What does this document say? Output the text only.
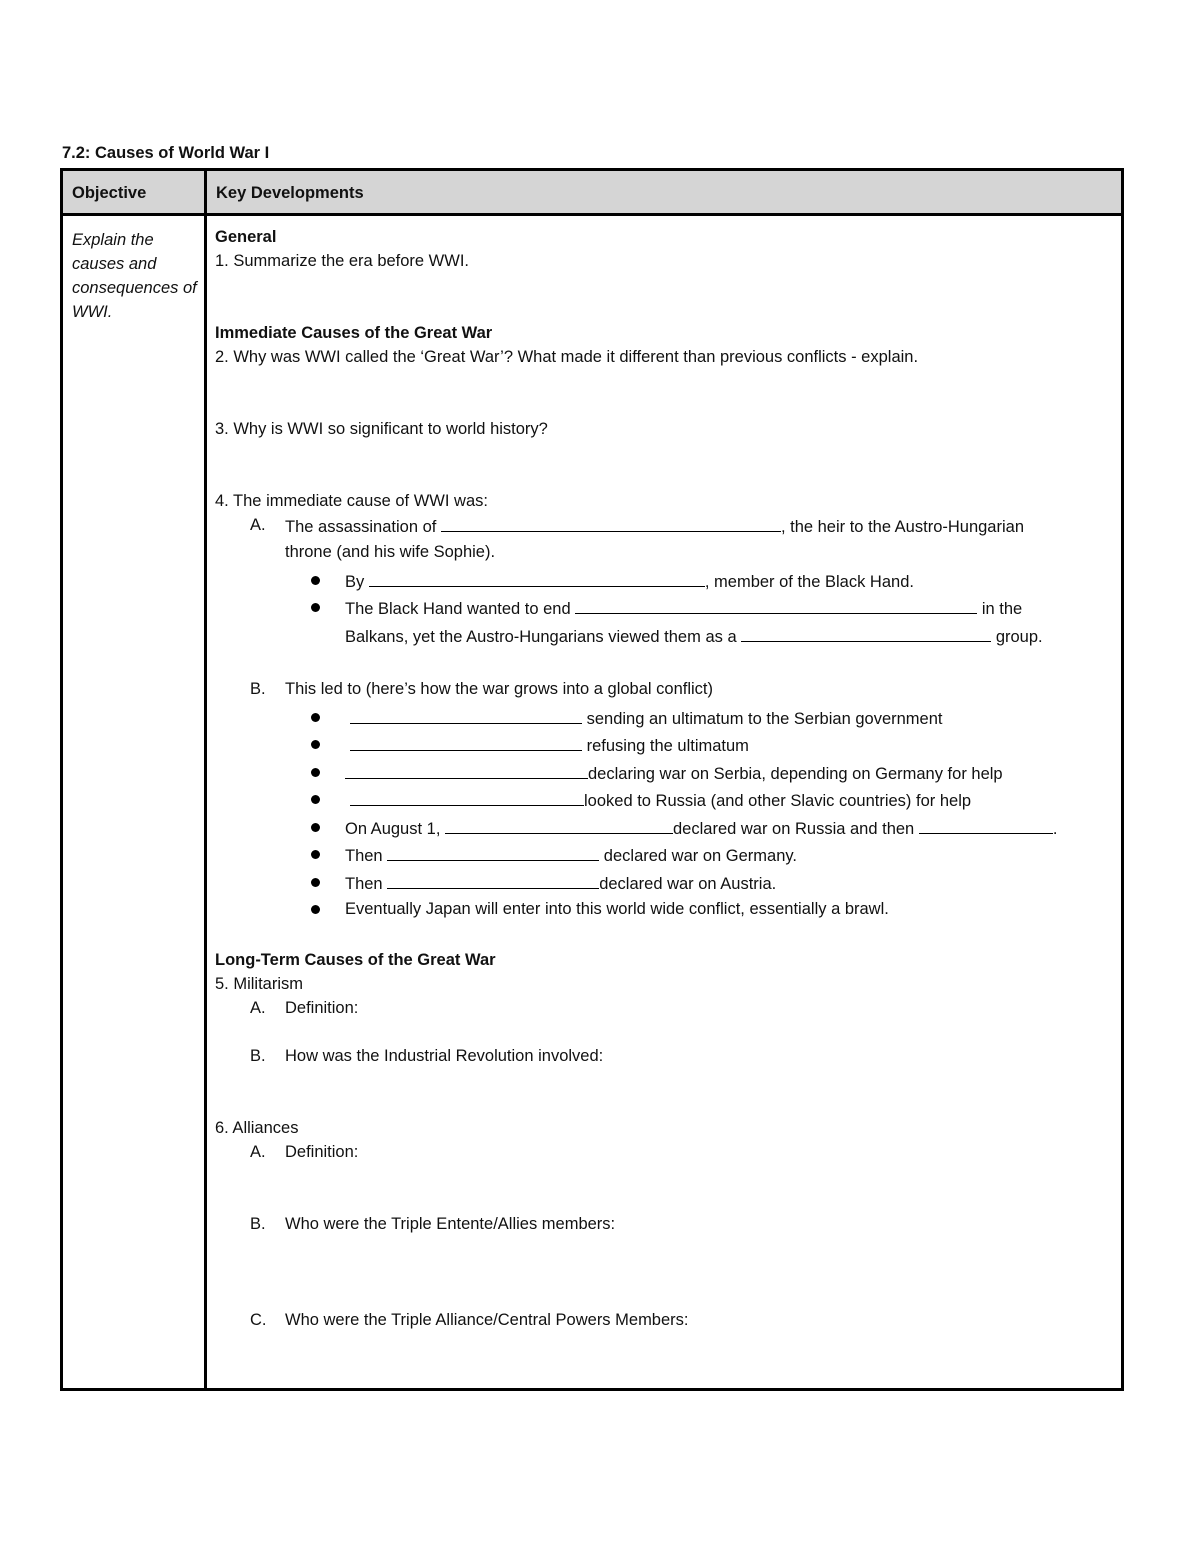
7.2: Causes of World War I
Objective	Key Developments
Explain the causes and consequences of WWI.
General
1. Summarize the era before WWI.
Immediate Causes of the Great War
2. Why was WWI called the ‘Great War’? What made it different than previous conflicts - explain.
3. Why is WWI so significant to world history?
4. The immediate cause of WWI was:
A. The assassination of	, the heir to the Austro-Hungarian
throne (and his wife Sophie).
By	, member of the Black Hand.
The Black Hand wanted to end	in the
Balkans, yet the Austro-Hungarians viewed them as a	group.
B. This led to (here’s how the war grows into a global conflict)
sending an ultimatum to the Serbian government
refusing the ultimatum
declaring war on Serbia, depending on Germany for help
looked to Russia (and other Slavic countries) for help
On August 1,	declared war on Russia and then	.
Then	declared war on Germany.
Then	declared war on Austria.
Eventually Japan will enter into this world wide conflict, essentially a brawl.
Long-Term Causes of the Great War
5. Militarism
A. Definition:
B. How was the Industrial Revolution involved:
6. Alliances
A. Definition:
B. Who were the Triple Entente/Allies members:
C. Who were the Triple Alliance/Central Powers Members:
